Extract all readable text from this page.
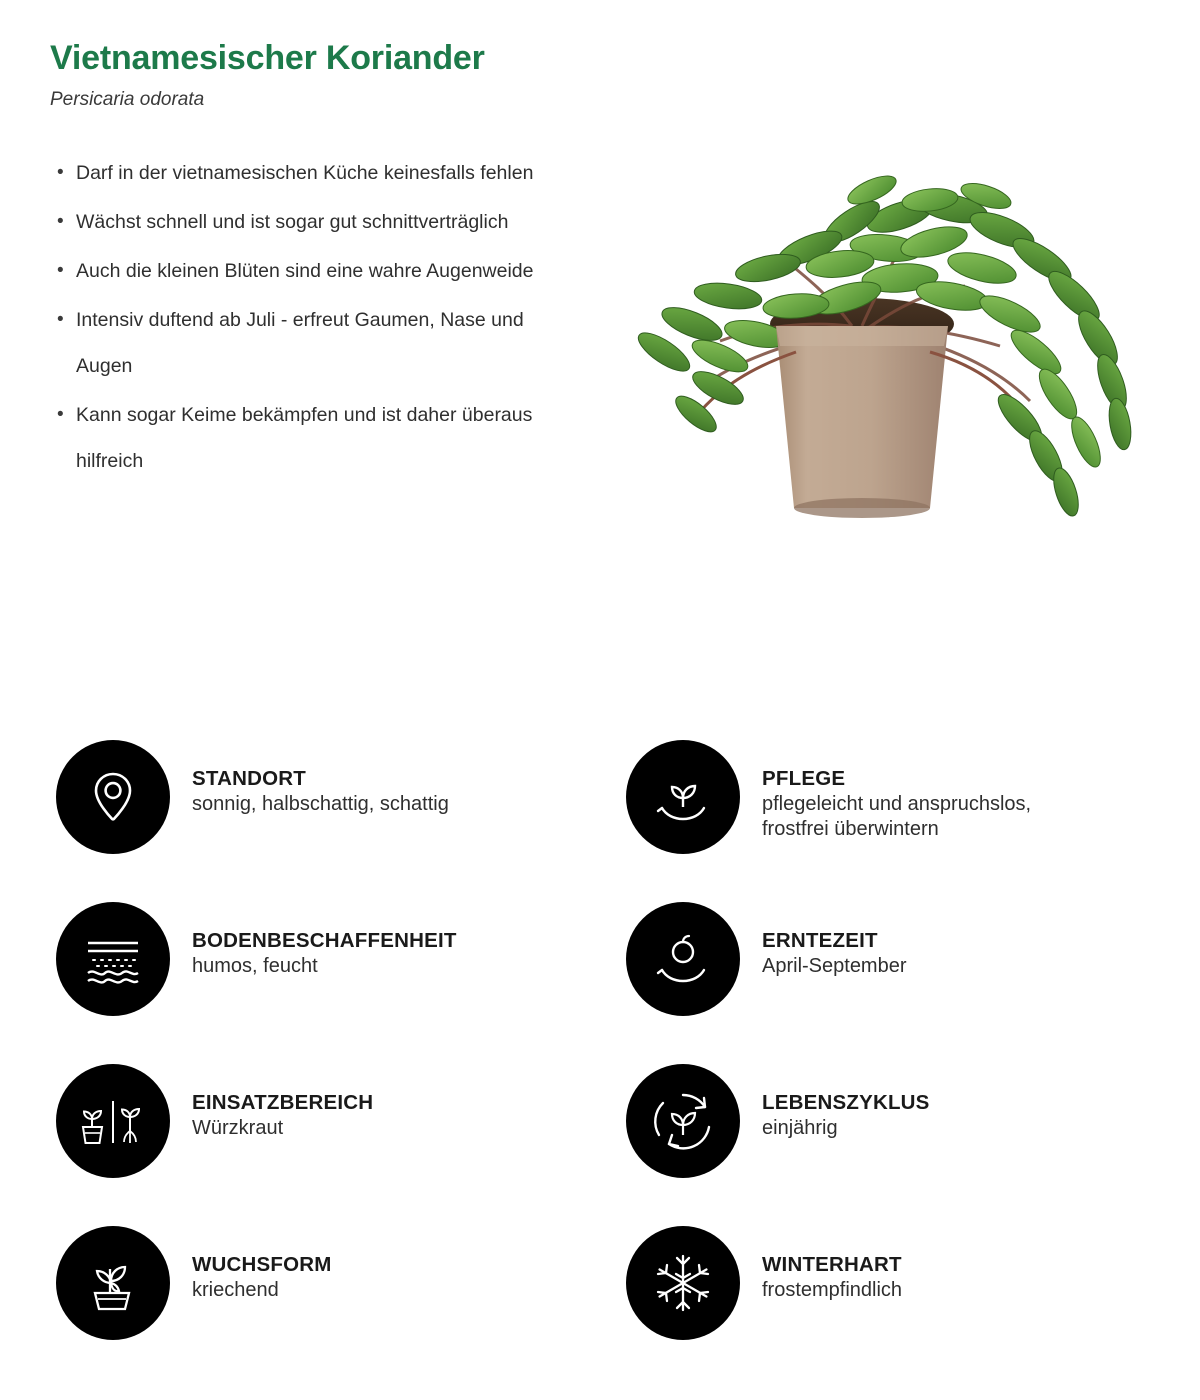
Vietnamesischer Koriander
Persicaria odorata
• Darf in der vietnamesischen Küche keinesfalls fehlen
• Wächst schnell und ist sogar gut schnittverträglich
• Auch die kleinen Blüten sind eine wahre Augenweide
• Intensiv duftend ab Juli - erfreut Gaumen, Nase und Augen
• Kann sogar Keime bekämpfen und ist daher überaus hilfreich
STANDORT
sonnig, halbschattig, schattig
PFLEGE
pflegeleicht und anspruchslos,
frostfrei überwintern
BODENBESCHAFFENHEIT
humos, feucht
ERNTEZEIT
April-September
EINSATZBEREICH
Würzkraut
LEBENSZYKLUS
einjährig
WUCHSFORM
kriechend
WINTERHART
frostempfindlich
